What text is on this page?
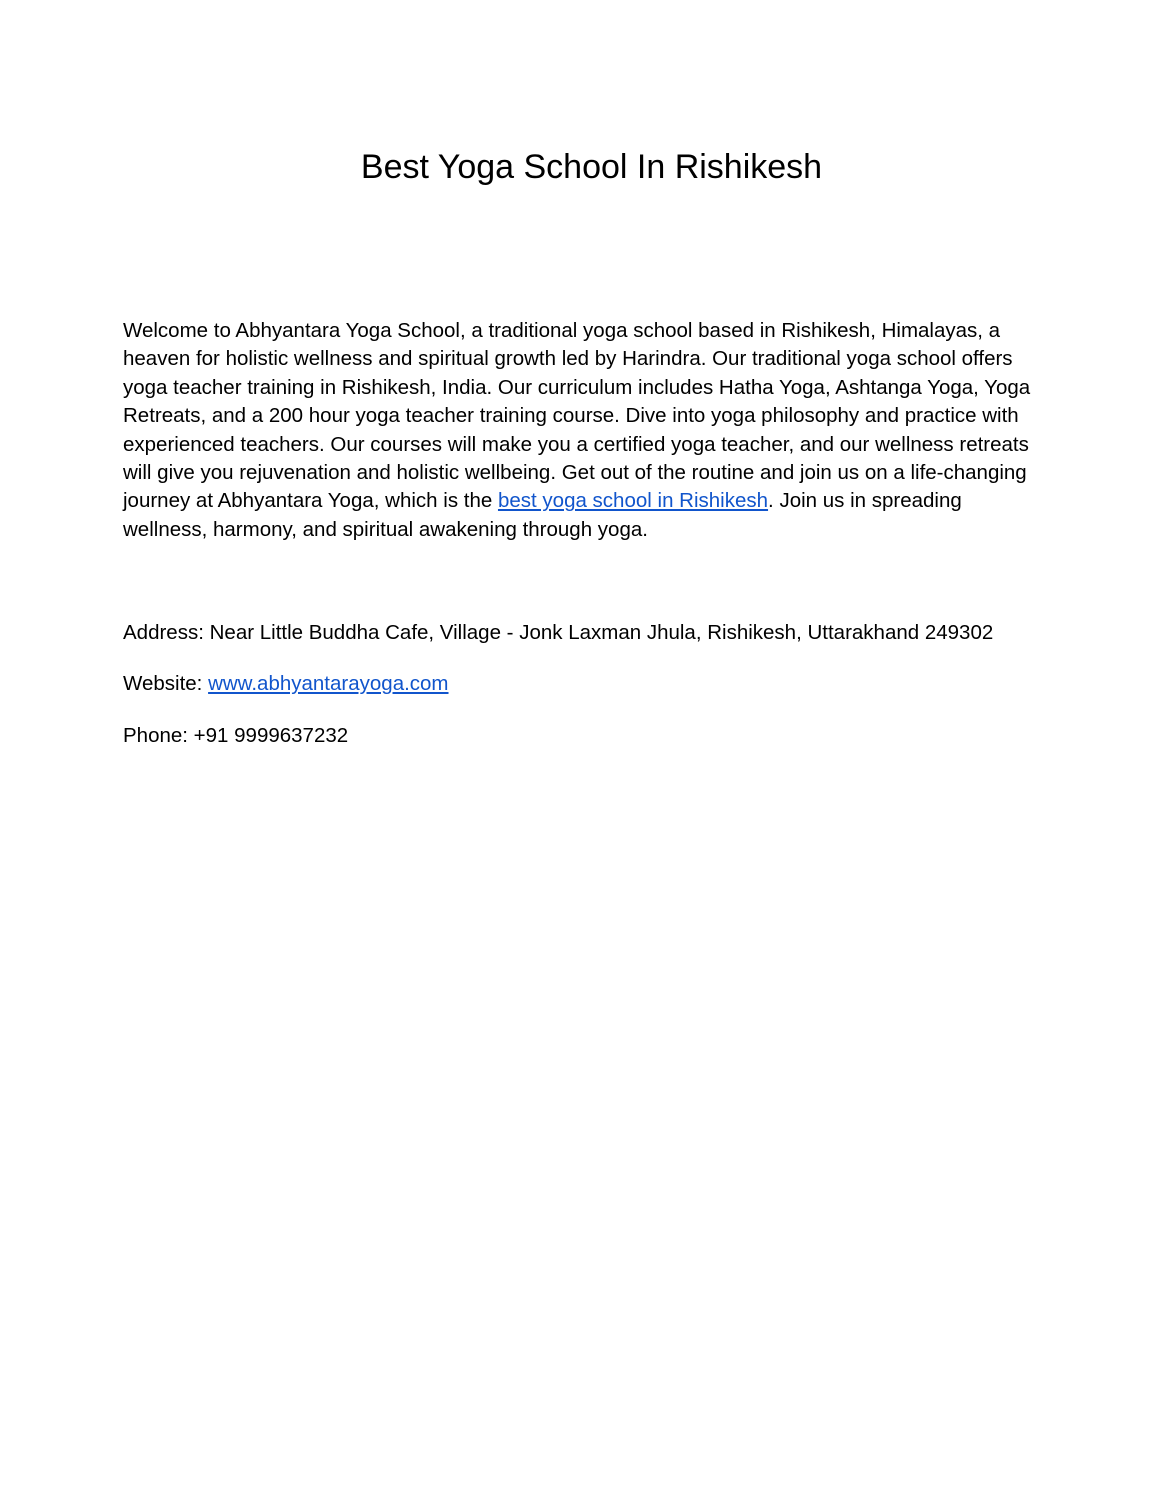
Best Yoga School In Rishikesh

Welcome to Abhyantara Yoga School, a traditional yoga school based in Rishikesh, Himalayas, a heaven for holistic wellness and spiritual growth led by Harindra. Our traditional yoga school offers yoga teacher training in Rishikesh, India. Our curriculum includes Hatha Yoga, Ashtanga Yoga, Yoga Retreats, and a 200 hour yoga teacher training course. Dive into yoga philosophy and practice with experienced teachers. Our courses will make you a certified yoga teacher, and our wellness retreats will give you rejuvenation and holistic wellbeing. Get out of the routine and join us on a life-changing journey at Abhyantara Yoga, which is the best yoga school in Rishikesh. Join us in spreading wellness, harmony, and spiritual awakening through yoga.

Address: Near Little Buddha Cafe, Village - Jonk Laxman Jhula, Rishikesh, Uttarakhand 249302

Website: www.abhyantarayoga.com

Phone: +91 9999637232
